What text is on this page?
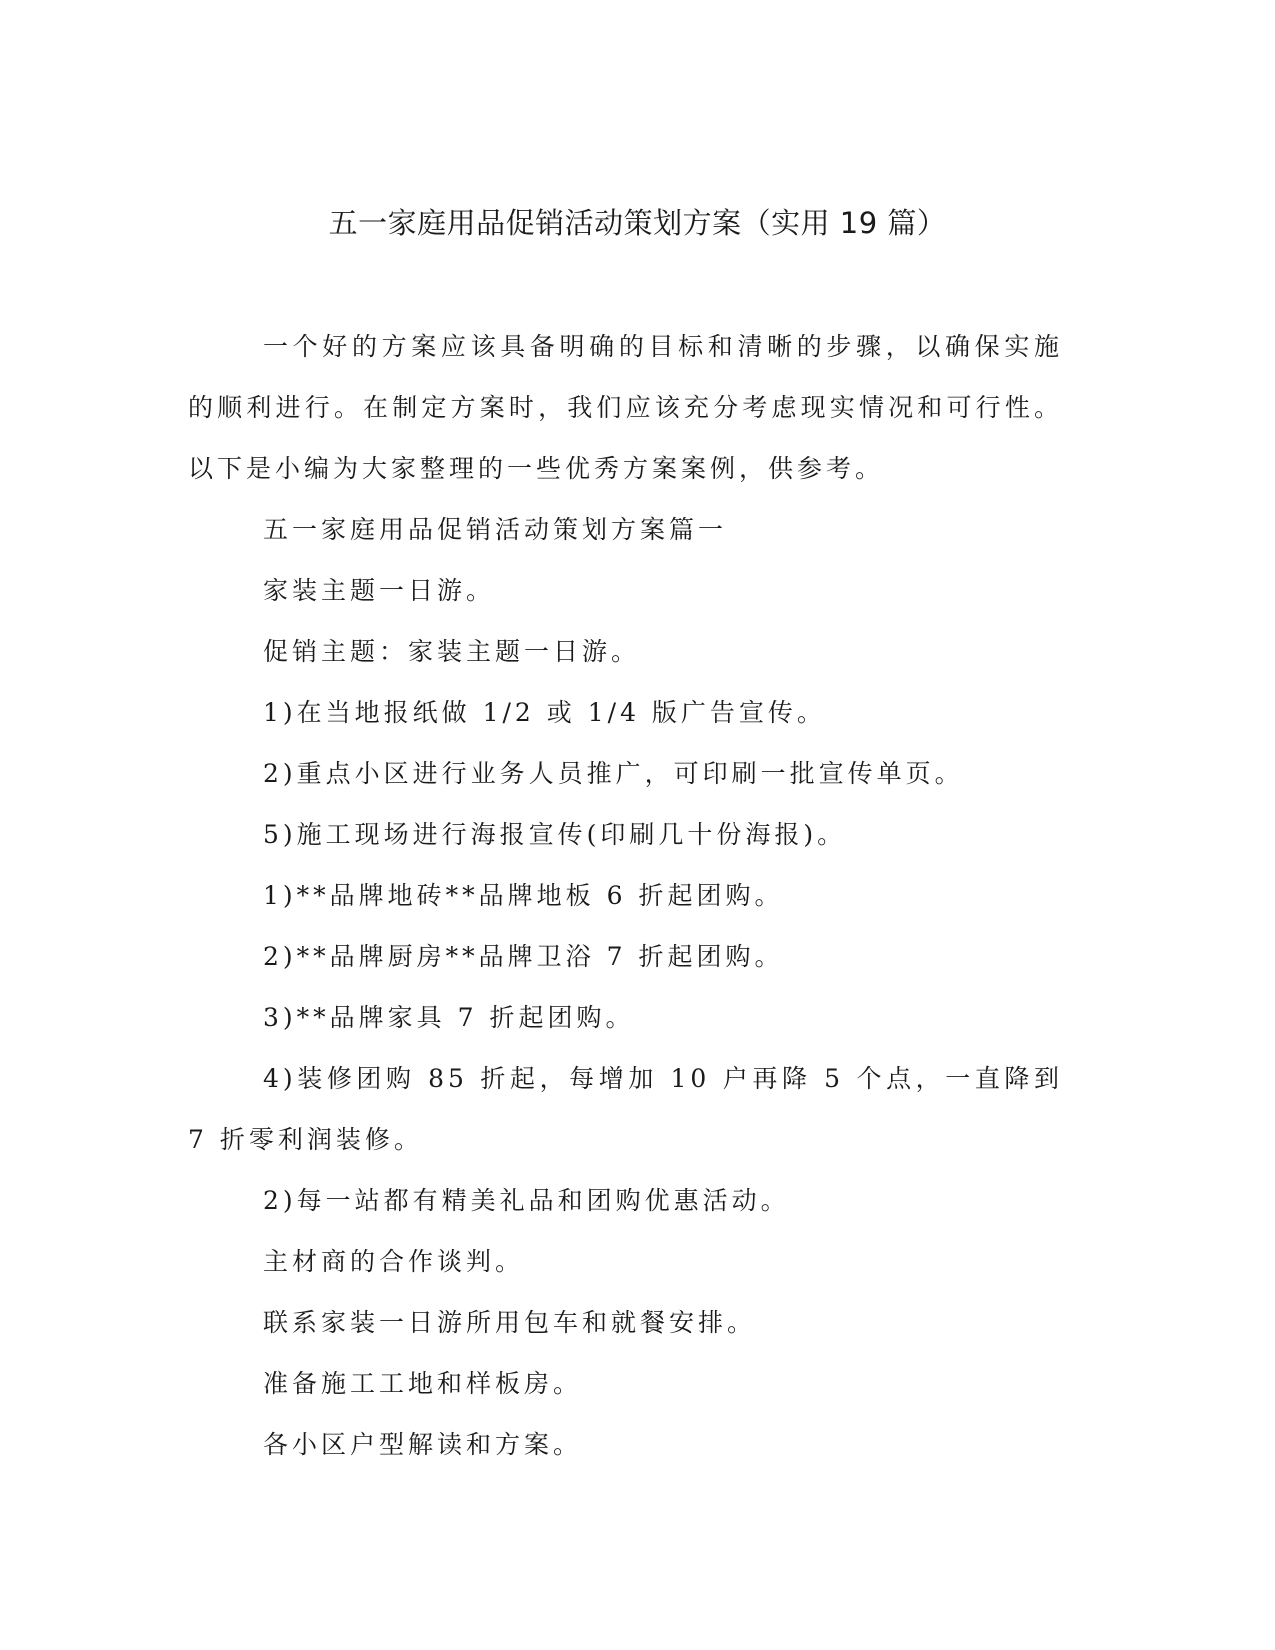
五一家庭用品促销活动策划方案（实用 19 篇）

一个好的方案应该具备明确的目标和清晰的步骤，以确保实施的顺利进行。在制定方案时，我们应该充分考虑现实情况和可行性。以下是小编为大家整理的一些优秀方案案例，供参考。

五一家庭用品促销活动策划方案篇一

家装主题一日游。

促销主题：家装主题一日游。

1)在当地报纸做 1/2 或 1/4 版广告宣传。

2)重点小区进行业务人员推广，可印刷一批宣传单页。

5)施工现场进行海报宣传(印刷几十份海报)。

1)**品牌地砖**品牌地板 6 折起团购。

2)**品牌厨房**品牌卫浴 7 折起团购。

3)**品牌家具 7 折起团购。

4)装修团购 85 折起，每增加 10 户再降 5 个点，一直降到 7 折零利润装修。

2)每一站都有精美礼品和团购优惠活动。

主材商的合作谈判。

联系家装一日游所用包车和就餐安排。

准备施工工地和样板房。

各小区户型解读和方案。
